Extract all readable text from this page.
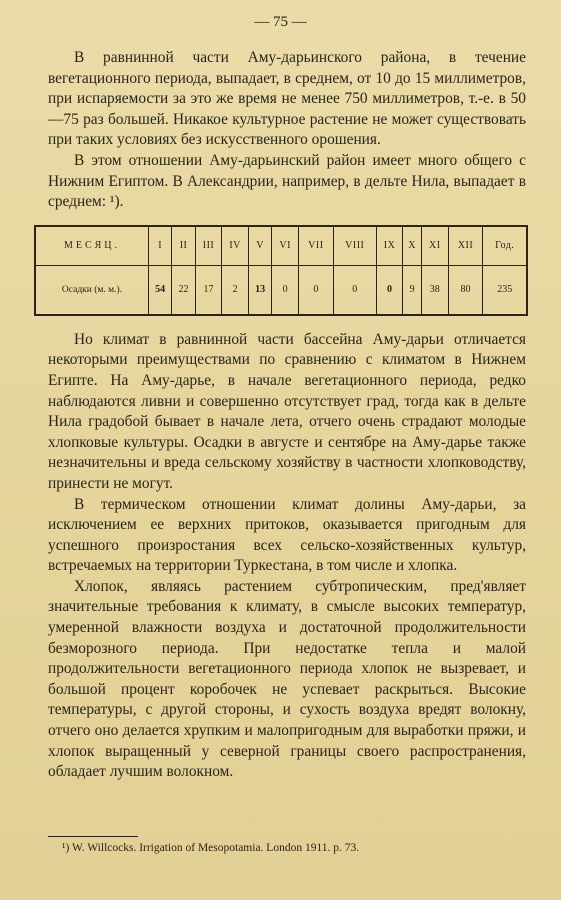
— 75 —

В равнинной части Аму-дарьинского района, в течение вегетационного периода, выпадает, в среднем, от 10 до 15 миллиметров, при испаряемости за это же время не менее 750 миллиметров, т.-е. в 50—75 раз большей. Никакое культурное растение не может существовать при таких условиях без искусственного орошения.

В этом отношении Аму-дарьинский район имеет много общего с Нижним Египтом. В Александрии, например, в дельте Нила, выпадает в среднем: ¹).

МЕСЯЦ.	I	II	III	IV	V	VI	VII	VIII	IX	X	XI	XII	Год.
Осадки (м. м.).	54	22	17	2	13	0	0	0	0	9	38	80	235

Но климат в равнинной части бассейна Аму-дарьи отличается некоторыми преимуществами по сравнению с климатом в Нижнем Египте. На Аму-дарье, в начале вегетационного периода, редко наблюдаются ливни и совершенно отсутствует град, тогда как в дельте Нила градобой бывает в начале лета, отчего очень страдают молодые хлопковые культуры. Осадки в августе и сентябре на Аму-дарье также незначительны и вреда сельскому хозяйству в частности хлопководству, принести не могут.

В термическом отношении климат долины Аму-дарьи, за исключением ее верхних притоков, оказывается пригодным для успешного произростания всех сельско-хозяйственных культур, встречаемых на территории Туркестана, в том числе и хлопка.

Хлопок, являясь растением субтропическим, пред'являет значительные требования к климату, в смысле высоких температур, умеренной влажности воздуха и достаточной продолжительности безморозного периода. При недостатке тепла и малой продолжительности вегетационного периода хлопок не вызревает, и большой процент коробочек не успевает раскрыться. Высокие температуры, с другой стороны, и сухость воздуха вредят волокну, отчего оно делается хрупким и малопригодным для выработки пряжи, и хлопок выращенный у северной границы своего распространения, обладает лучшим волокном.

¹) W. Willcocks. Irrigation of Mesopotamia. London 1911. p. 73.
